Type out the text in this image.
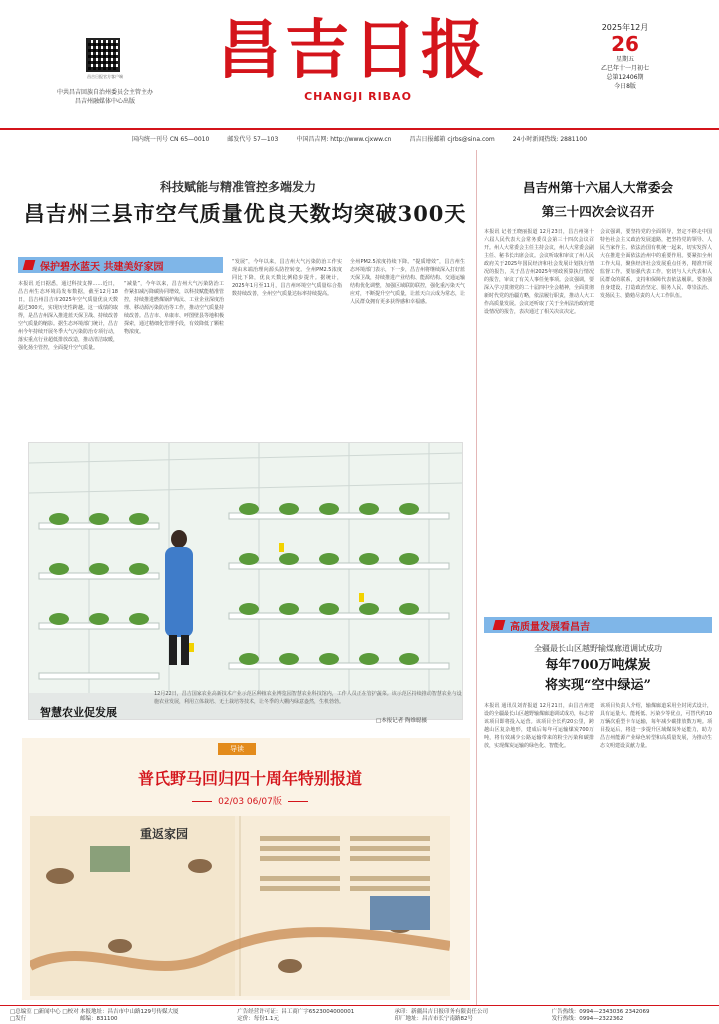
昌吉日报官方客户端
中共昌吉回族自治州委员会主管主办
昌吉州融媒体中心出版
昌吉日报
CHANGJI RIBAO
2025年12月
26
星期五
乙巳年十一月初七
总第12406期
今日8版
国内统一刊号 CN 65—0010	邮发代号 57—103	中国昌吉网: http://www.cjxww.cn	昌吉日报邮箱 cjrbs@sina.com	24小时新闻热线: 2881100
科技赋能与精准管控多端发力
昌吉州三县市空气质量优良天数均突破300天
保护碧水蓝天 共建美好家园
本报讯 近日据悉，通过科技支撑……近日，昌吉州生态环境局发布数据，截至12月18日，昌吉州昌吉市2025年空气质量优良天数超过300天，实现历史性跨越。这一成绩的取得，是昌吉州深入推进蓝天保卫战、持续改善空气质量的缩影。据生态环境部门统计，昌吉州今年持续开展冬季大气污染防治专项行动，落实重点行业超低排放改造，推动清洁取暖，强化扬尘管控，全面提升空气质量。
“减量”，今年以来，昌吉州大气污染防治工作紧扣减污降碳协同增效，以科技赋能精准管控，持续推进燃煤锅炉淘汰、工业企业深度治理、移动源污染防治等工作，推动空气质量持续改善。昌吉市、阜康市、呼图壁县等地积极探索，通过精细化管理手段，有效降低了颗粒物浓度。
“发展”，今年以来，昌吉州大气污染防治工作实现由末端治理向源头防控转变。全州PM2.5浓度同比下降，优良天数比例稳步提升。据统计，2025年1月至11月，昌吉州环境空气质量综合指数持续改善，全州空气质量达标率持续提高。
全州PM2.5浓度持续下降。“提质增效”，昌吉州生态环境部门表示，下一步，昌吉州将继续深入打好蓝天保卫战，持续推进产业结构、能源结构、交通运输结构优化调整，加强区域联防联控，强化重污染天气应对，不断提升空气质量，让蓝天白云成为常态，让人民群众拥有更多获得感和幸福感。
12月22日，昌吉国家农业高新技术产业示范区种植农业博览园智慧农业科技馆内，工作人员正在管护蔬菜。该示范区持续推动智慧农业与设施农业发展，利用立体栽培、无土栽培等技术，让冬季的大棚内绿意盎然，生机勃勃。
智慧农业促发展
□本报记者 陶维聪摄
导读
普氏野马回归四十周年特别报道
02/03 06/07版
重返家园
昌吉州第十六届人大常委会
第三十四次会议召开
本报讯 记者王晓丽报道 12月23日，昌吉州第十六届人民代表大会常务委员会第三十四次会议召开。州人大常委会主任主持会议，州人大常委会副主任、秘书长出席会议。会议听取和审议了州人民政府关于2025年国民经济和社会发展计划执行情况的报告，关于昌吉州2025年财政预算执行情况的报告，审议了有关人事任免事项。会议强调，要深入学习贯彻党的二十届四中全会精神，全面贯彻新时代党的治疆方略，依法履行职责，推动人大工作高质量发展。会议还听取了关于全州法治政府建设情况的报告，表决通过了相关决议决定。
会议强调，要坚持党的全面领导，坚定不移走中国特色社会主义政治发展道路，把坚持党的领导、人民当家作主、依法治国有机统一起来，切实发挥人大在推进全面依法治州中的重要作用。要紧扣全州工作大局，聚焦经济社会发展重点任务，精准开展监督工作。要加强代表工作，密切与人大代表和人民群众的联系，支持和保障代表依法履职。要加强自身建设，打造政治坚定、服务人民、尊崇法治、发扬民主、勤勉尽责的人大工作队伍。
高质量发展看昌吉
全疆最长山区越野输煤廊道调试成功
每年700万吨煤炭
将实现“空中绿运”
本报讯 通讯员刘青报道 12月21日，由昌吉州建设的全疆最长山区越野输煤廊道调试成功，标志着该项目即将投入运营。该项目全长约20公里，跨越山区复杂地形，建成后每年可运输煤炭700万吨，将有效减少公路运输带来的粉尘污染和碳排放，实现煤炭运输的绿色化、智能化。
该项目负责人介绍，输煤廊道采用全封闭式设计，具有运量大、能耗低、污染少等优点，可替代约10万辆次重型卡车运输，每年减少碳排放数万吨。项目投运后，将进一步提升区域煤炭外运能力，助力昌吉州能源产业绿色转型和高质量发展，为推动生态文明建设贡献力量。
□总编室 □新闻中心 □校对 □发行
本报地址：昌吉市中山路129号传媒大厦
邮编：831100
广告经营许可证：昌工商广字6523004000001
定价：每份1.1元
承印：新疆昌吉日报印务有限责任公司
印厂地址：昌吉市长宁南路82号
广告热线：0994—2343036 2342069
发行热线：0994—2322362
